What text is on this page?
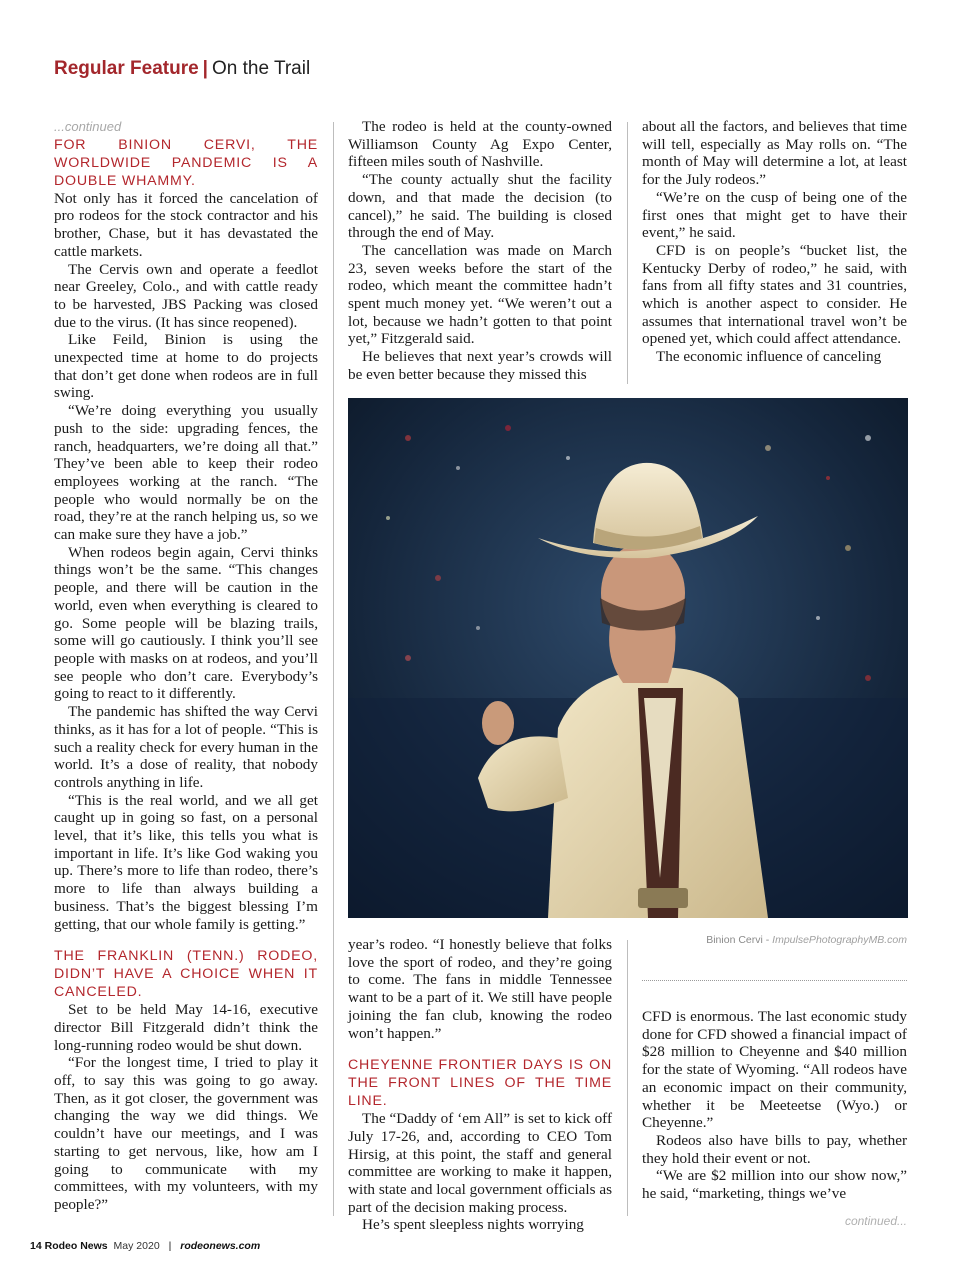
Regular Feature | On the Trail

...continued

FOR BINION CERVI, THE WORLDWIDE PANDEMIC IS A DOUBLE WHAMMY.

Not only has it forced the cancelation of pro rodeos for the stock contractor and his brother, Chase, but it has devastated the cattle markets.

The Cervis own and operate a feedlot near Greeley, Colo., and with cattle ready to be harvested, JBS Packing was closed due to the virus. (It has since reopened).

Like Feild, Binion is using the unexpected time at home to do projects that don’t get done when rodeos are in full swing.

“We’re doing everything you usually push to the side: upgrading fences, the ranch, headquarters, we’re doing all that.” They’ve been able to keep their rodeo employees working at the ranch. “The people who would normally be on the road, they’re at the ranch helping us, so we can make sure they have a job.”

When rodeos begin again, Cervi thinks things won’t be the same. “This changes people, and there will be caution in the world, even when everything is cleared to go. Some people will be blazing trails, some will go cautiously. I think you’ll see people with masks on at rodeos, and you’ll see people who don’t care. Everybody’s going to react to it differently.

The pandemic has shifted the way Cervi thinks, as it has for a lot of people. “This is such a reality check for every human in the world. It’s a dose of reality, that nobody controls anything in life.

“This is the real world, and we all get caught up in going so fast, on a personal level, that it’s like, this tells you what is important in life. It’s like God waking you up. There’s more to life than rodeo, there’s more to life than always building a business. That’s the biggest blessing I’m getting, that our whole family is getting.”

THE FRANKLIN (TENN.) RODEO, DIDN’T HAVE A CHOICE WHEN IT CANCELED.

Set to be held May 14-16, executive director Bill Fitzgerald didn’t think the long-running rodeo would be shut down.

“For the longest time, I tried to play it off, to say this was going to go away. Then, as it got closer, the government was changing the way we did things. We couldn’t have our meetings, and I was starting to get nervous, like, how am I going to communicate with my committees, with my volunteers, with my people?”

The rodeo is held at the county-owned Williamson County Ag Expo Center, fifteen miles south of Nashville.

“The county actually shut the facility down, and that made the decision (to cancel),” he said. The building is closed through the end of May.

The cancellation was made on March 23, seven weeks before the start of the rodeo, which meant the committee hadn’t spent much money yet. “We weren’t out a lot, because we hadn’t gotten to that point yet,” Fitzgerald said.

He believes that next year’s crowds will be even better because they missed this

about all the factors, and believes that time will tell, especially as May rolls on. “The month of May will determine a lot, at least for the July rodeos.”

“We’re on the cusp of being one of the first ones that might get to have their event,” he said.

CFD is on people’s “bucket list, the Kentucky Derby of rodeo,” he said, with fans from all fifty states and 31 countries, which is another aspect to consider. He assumes that international travel won’t be opened yet, which could affect attendance.

The economic influence of canceling

Binion Cervi - ImpulsePhotographyMB.com

year’s rodeo. “I honestly believe that folks love the sport of rodeo, and they’re going to come. The fans in middle Tennessee want to be a part of it. We still have people joining the fan club, knowing the rodeo won’t happen.”

CHEYENNE FRONTIER DAYS IS ON THE FRONT LINES OF THE TIME LINE.

The “Daddy of ‘em All” is set to kick off July 17-26, and, according to CEO Tom Hirsig, at this point, the staff and general committee are working to make it happen, with state and local government officials as part of the decision making process.

He’s spent sleepless nights worrying

CFD is enormous. The last economic study done for CFD showed a financial impact of $28 million to Cheyenne and $40 million for the state of Wyoming. “All rodeos have an economic impact on their community, whether it be Meeteetse (Wyo.) or Cheyenne.”

Rodeos also have bills to pay, whether they hold their event or not.

“We are $2 million into our show now,” he said, “marketing, things we’ve

continued...
14 Rodeo News May 2020 | rodeonews.com
